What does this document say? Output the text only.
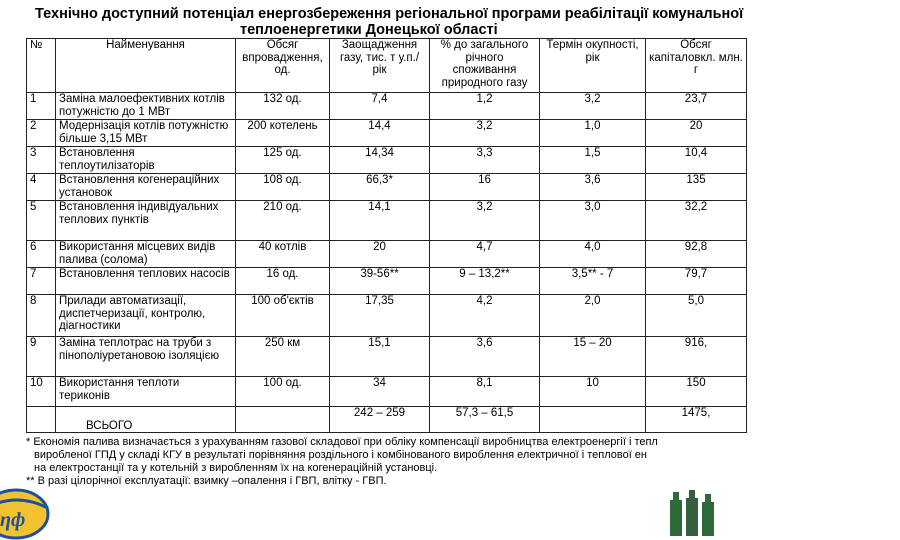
Технічно доступний потенціал енергозбереження регіональної програми реабілітації комунальної
теплоенергетики Донецької області
№	Найменування	Обсяг впровадження, од.	Заощадження газу, тис. т у.п./рік	% до загального річного споживання природного газу	Термін окупності, рік	Обсяг капіталовкл. млн. г
1	Заміна малоефективних котлів потужністю до 1 МВт	132 од.	7,4	1,2	3,2	23,7
2	Модернізація котлів потужністю більше 3,15 МВт	200 котелень	14,4	3,2	1,0	20
3	Встановлення теплоутилізаторів	125 од.	14,34	3,3	1,5	10,4
4	Встановлення когенераційних установок	108 од.	66,3*	16	3,6	135
5	Встановлення індивідуальних теплових пунктів	210 од.	14,1	3,2	3,0	32,2
6	Використання місцевих видів палива (солома)	40 котлів	20	4,7	4,0	92,8
7	Встановлення теплових насосів	16 од.	39-56**	9 – 13,2**	3,5** - 7	79,7
8	Прилади автоматизації, диспетчеризації, контролю, діагностики	100 об'єктів	17,35	4,2	2,0	5,0
9	Заміна теплотрас на труби з пінополіуретановою ізоляцією	250 км	15,1	3,6	15 – 20	916,
10	Використання теплоти териконів	100 од.	34	8,1	10	150
	ВСЬОГО		242 – 259	57,3 – 61,5		1475,

* Економія палива визначається з урахуванням газової складової при обліку компенсації виробництва електроенергії і тепл

виробленої ГПД у складі КГУ в результаті порівняння роздільного і комбінованого вироблення електричної і теплової ен

на електростанції та у котельній з виробленням їх на когенераційній установці.

** В разі цілорічної експлуатації: взимку –опалення і ГВП, влітку - ГВП.

ηф
